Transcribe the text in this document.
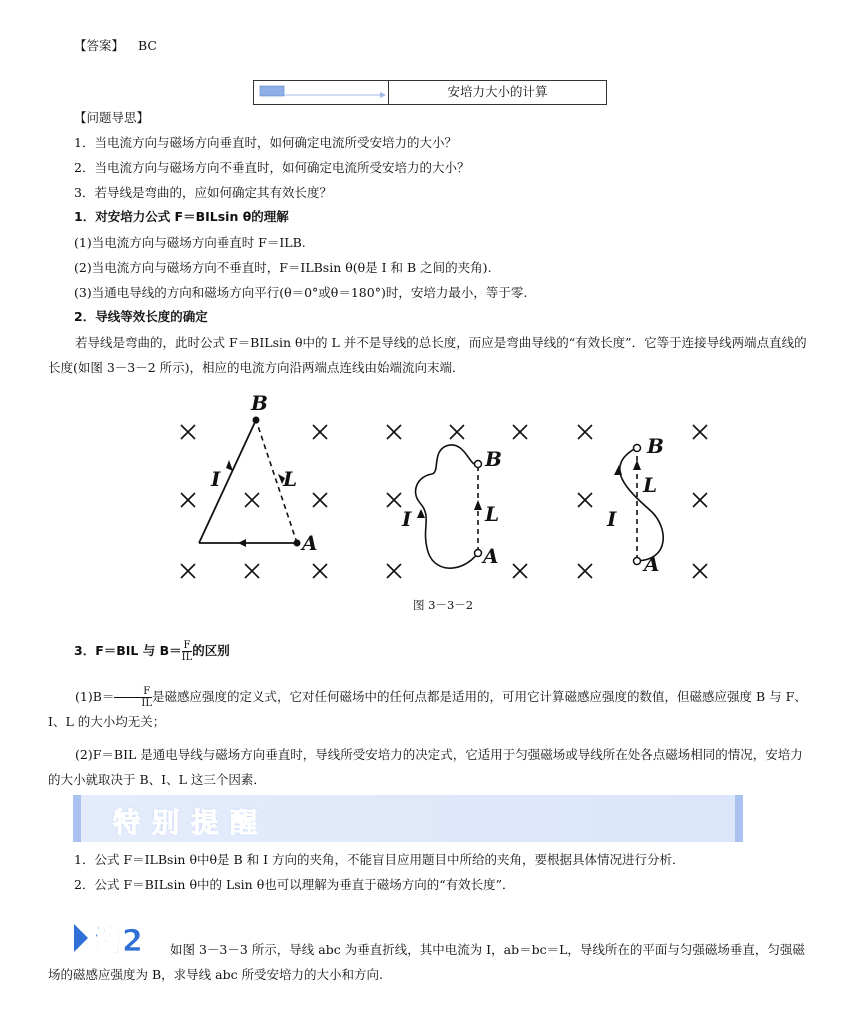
【答案】 BC
安培力大小的计算
【问题导思】
1．当电流方向与磁场方向垂直时，如何确定电流所受安培力的大小？
2．当电流方向与磁场方向不垂直时，如何确定电流所受安培力的大小？
3．若导线是弯曲的，应如何确定其有效长度？
1．对安培力公式 F＝BILsin θ的理解
(1)当电流方向与磁场方向垂直时 F＝ILB.
(2)当电流方向与磁场方向不垂直时，F＝ILBsin θ(θ是 I 和 B 之间的夹角).
(3)当通电导线的方向和磁场方向平行(θ＝0°或θ＝180°)时，安培力最小，等于零.
2．导线等效长度的确定
若导线是弯曲的，此时公式 F＝BILsin θ中的 L 并不是导线的总长度，而应是弯曲导线的“有效长度”．它等于连接导线两端点直线的长度(如图 3－3－2 所示)，相应的电流方向沿两端点连线由始端流向末端．
B
A
I	L
B
A
I	L
B
A
I
L
图 3－3－2
3．F＝BIL 与 $B= \frac{F}{IL}$ 的区别
$(1)B= \frac{F}{IL}$ 是磁感应强度的定义式，它对任何磁场中的任何点都是适用的，可用它计算磁感应强度的数值，但磁感应强度 B 与 F、I、L 的大小均无关；
(2)F＝BIL 是通电导线与磁场方向垂直时，导线所受安培力的决定式，它适用于匀强磁场或导线所在处各点磁场相同的情况，安培力的大小就取决于 B、I、L 这三个因素．
特别提醒
1．公式 F＝ILBsin θ中θ是 B 和 I 方向的夹角，不能盲目应用题目中所给的夹角，要根据具体情况进行分析．
2．公式 F＝BILsin θ中的 Lsin θ也可以理解为垂直于磁场方向的“有效长度”．
例2	如图 3－3－3 所示，导线 abc 为垂直折线，其中电流为 I，ab＝bc＝L，导线所在的平面与匀强磁场垂直，匀强磁场的磁感应强度为 B，求导线 abc 所受安培力的大小和方向.
